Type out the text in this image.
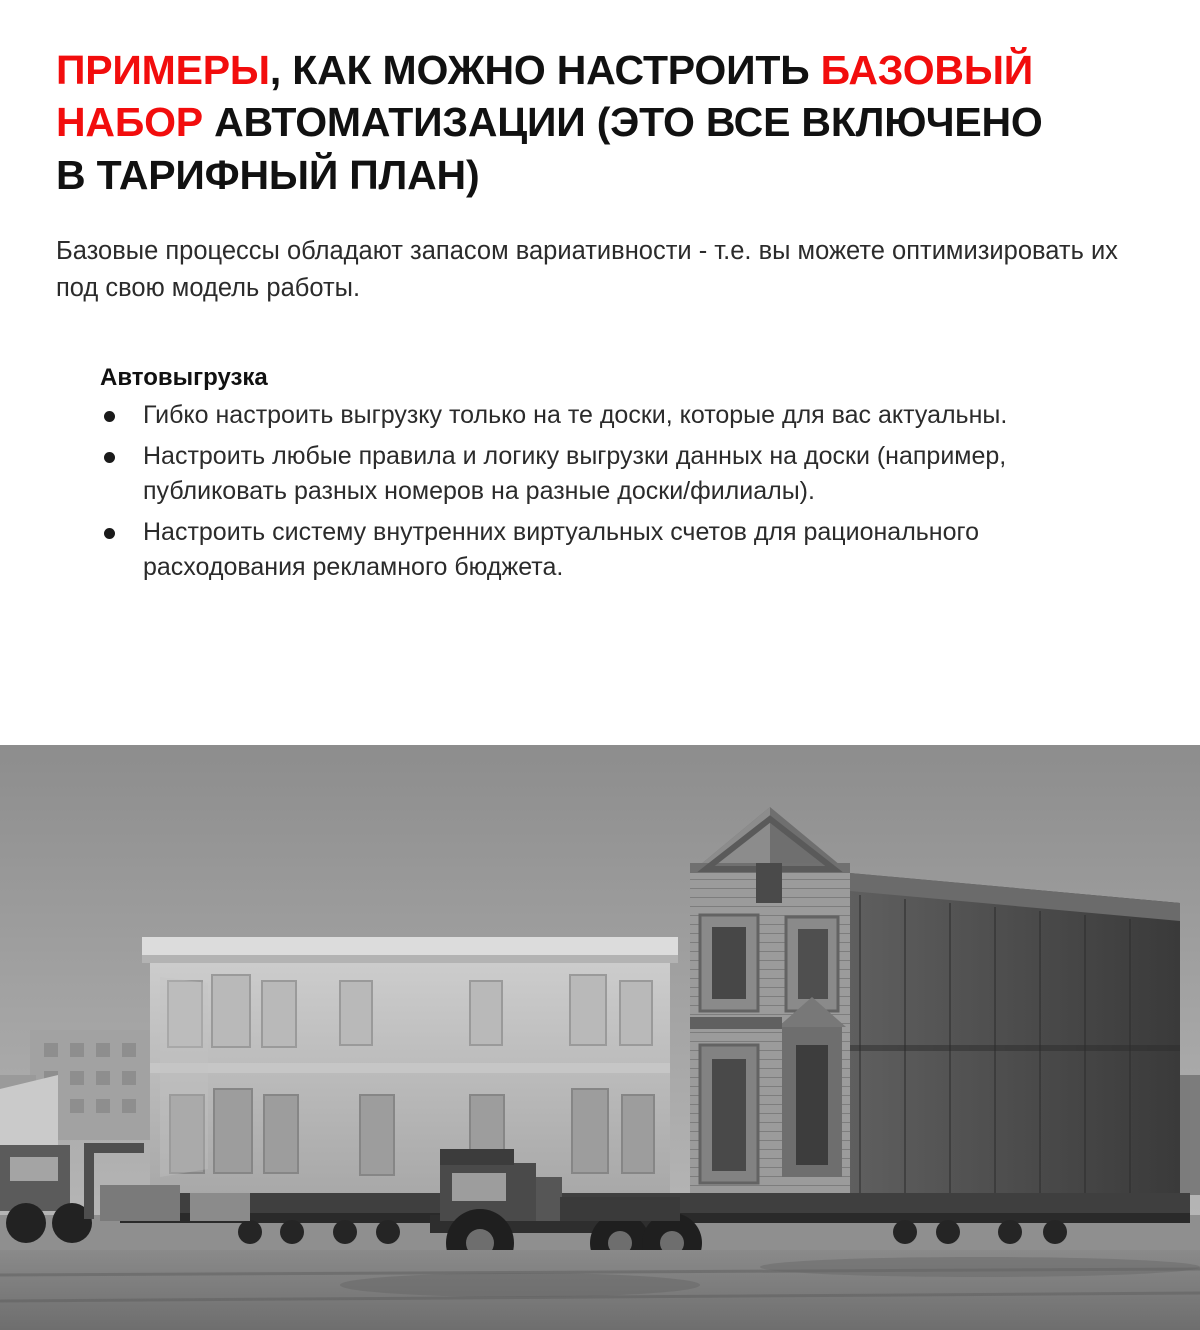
ПРИМЕРЫ, КАК МОЖНО НАСТРОИТЬ БАЗОВЫЙ НАБОР АВТОМАТИЗАЦИИ (ЭТО ВСЕ ВКЛЮЧЕНО В ТАРИФНЫЙ ПЛАН)

Базовые процессы обладают запасом вариативности - т.е. вы можете оптимизировать их под свою модель работы.

Автовыгрузка
Гибко настроить выгрузку только на те доски, которые для вас актуальны.
Настроить любые правила и логику выгрузки данных на доски (например, публиковать разных номеров на разные доски/филиалы).
Настроить систему внутренних виртуальных счетов для рационального расходования рекламного бюджета.
